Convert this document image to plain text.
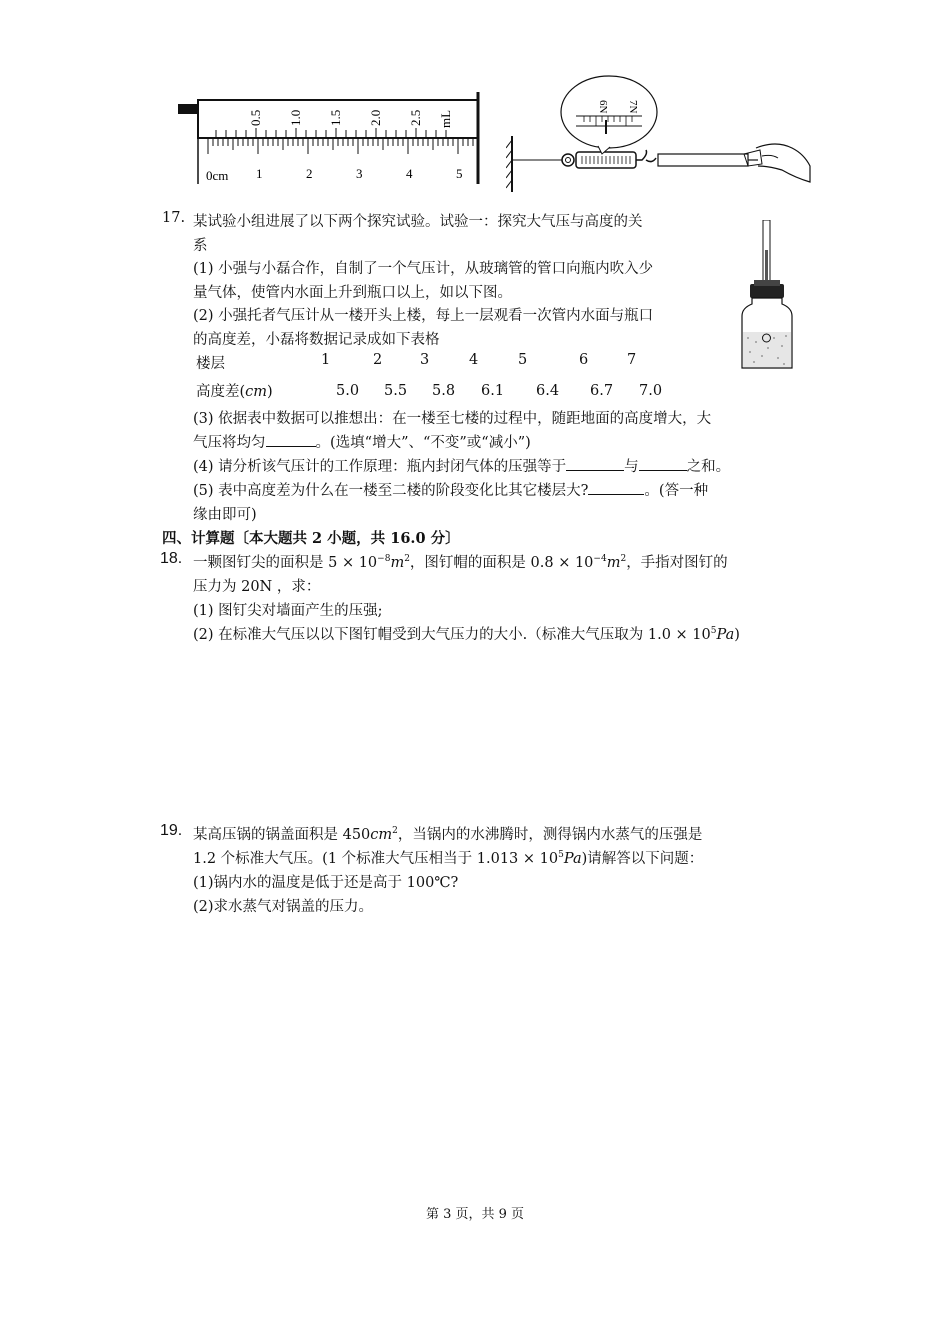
0.5 1.0 1.5 2.0 2.5 mL
0cm 1	2	3	4	5
6N 7N
17. 某试验小组进展了以下两个探究试验。试验一：探究大气压与高度的关
系
(1) 小强与小磊合作，自制了一个气压计，从玻璃管的管口向瓶内吹入少
量气体，使管内水面上升到瓶口以上，如以下图。
(2) 小强托者气压计从一楼开头上楼，每上一层观看一次管内水面与瓶口
的高度差，小磊将数据记录成如下表格
楼层	1	2	3	4	5	6	7
高度差(cm)	5.0 5.5 5.8 6.1 6.4 6.7 7.0
(3) 依据表中数据可以推想出：在一楼至七楼的过程中，随距地面的高度增大，大
气压将均匀	。(选填“增大”、“不变”或“减小”)
(4) 请分析该气压计的工作原理：瓶内封闭气体的压强等于	与	之和。
(5) 表中高度差为什么在一楼至二楼的阶段变化比其它楼层大?	。(答一种
缘由即可)
四、计算题〔本大题共 2 小题，共 16.0 分〕
18. 一颗图钉尖的面积是 $5 \times 10^{-8}m^2$，图钉帽的面积是 $0.8 \times 10^{-4}m^2$，手指对图钉的
压力为 20N ，求：
(1) 图钉尖对墙面产生的压强;
(2) 在标准大气压以以下图钉帽受到大气压力的大小.（标准大气压取为 $1.0 \times 10^5Pa$)
19. 某高压锅的锅盖面积是 $450cm^2$，当锅内的水沸腾时，测得锅内水蒸气的压强是
1.2 个标准大气压。(1 个标准大气压相当于 $1.013 \times 10^5Pa$)请解答以下问题：
(1)锅内水的温度是低于还是高于 100℃?
(2)求水蒸气对锅盖的压力。
第 3 页，共 9 页
